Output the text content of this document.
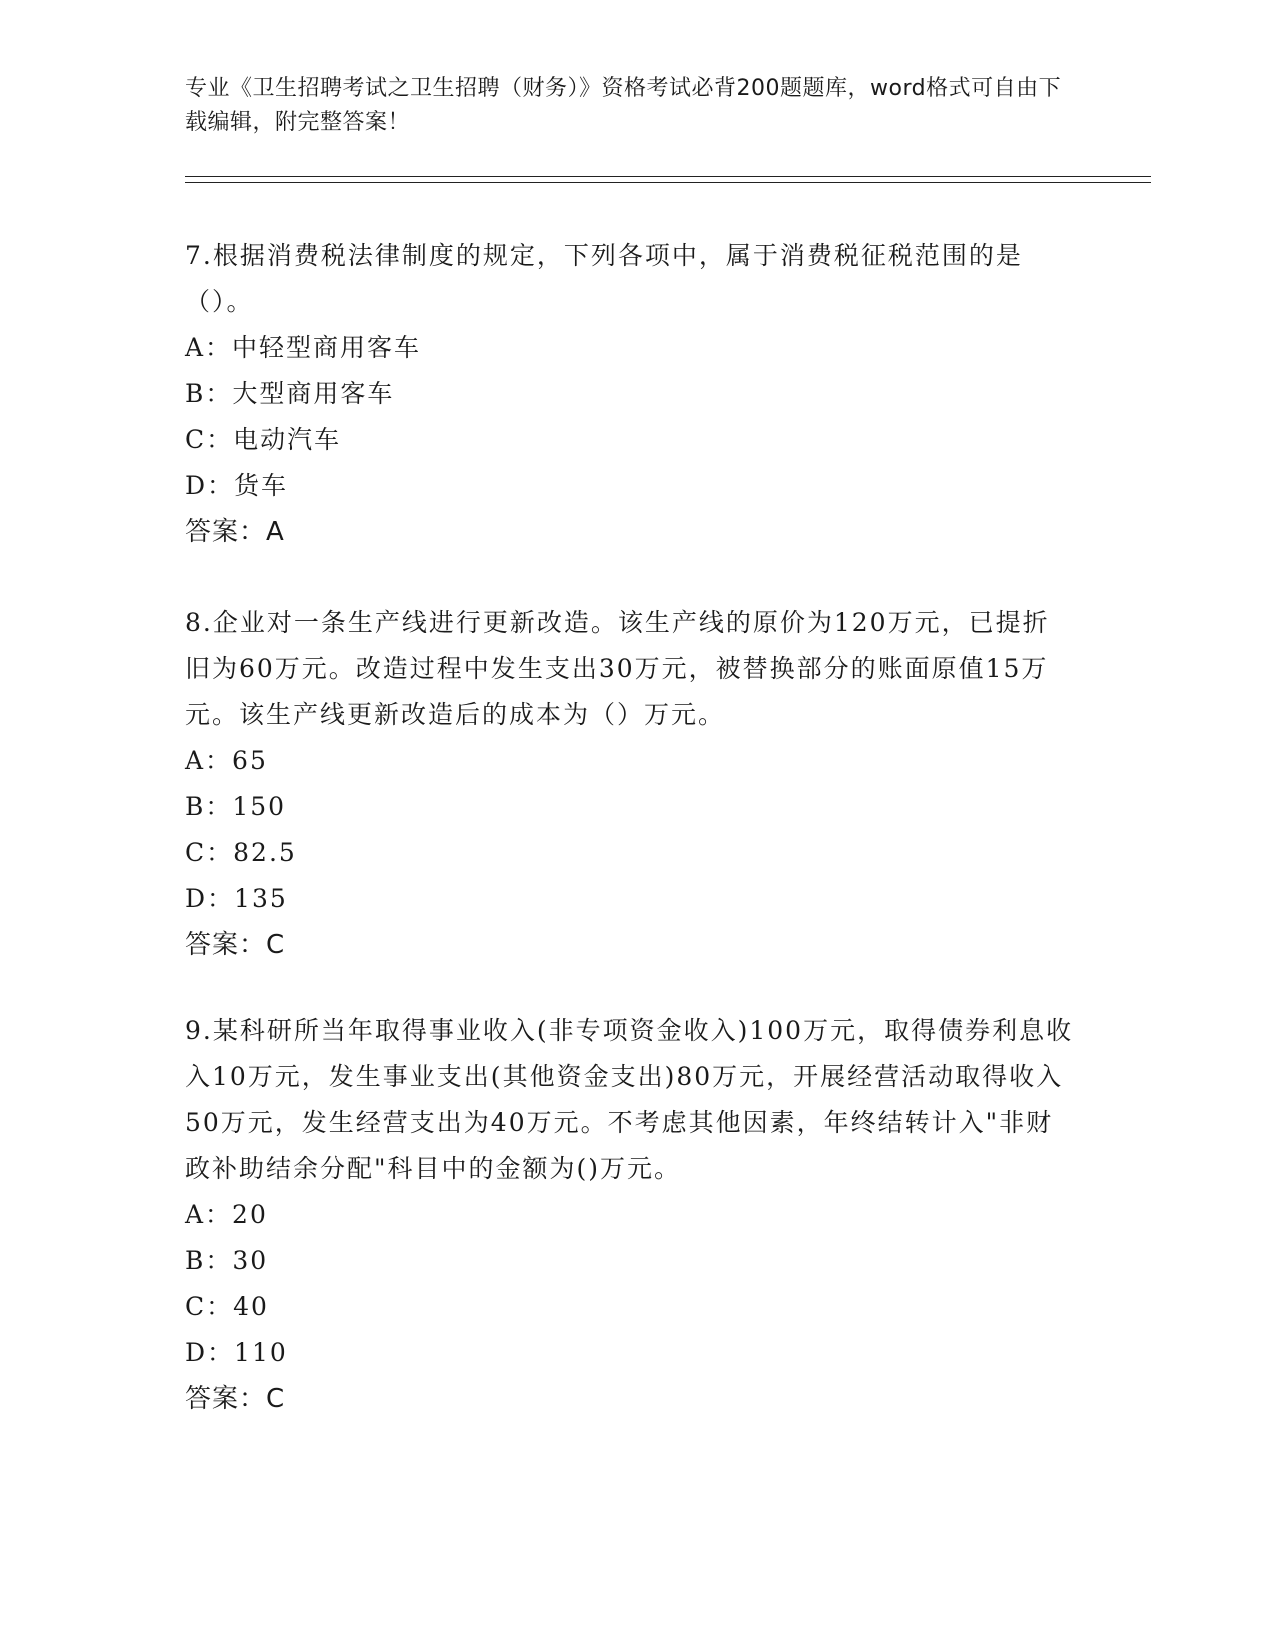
专业《卫生招聘考试之卫生招聘（财务）》资格考试必背200题题库，word格式可自由下载编辑，附完整答案！

7.根据消费税法律制度的规定，下列各项中，属于消费税征税范围的是（）。

A：中轻型商用客车

B：大型商用客车

C：电动汽车

D：货车

答案：A

8.企业对一条生产线进行更新改造。该生产线的原价为120万元，已提折旧为60万元。改造过程中发生支出30万元，被替换部分的账面原值15万元。该生产线更新改造后的成本为（）万元。

A：65

B：150

C：82.5

D：135

答案：C

9.某科研所当年取得事业收入(非专项资金收入)100万元，取得债券利息收入10万元，发生事业支出(其他资金支出)80万元，开展经营活动取得收入50万元，发生经营支出为40万元。不考虑其他因素，年终结转计入"非财政补助结余分配"科目中的金额为()万元。

A：20

B：30

C：40

D：110

答案：C
